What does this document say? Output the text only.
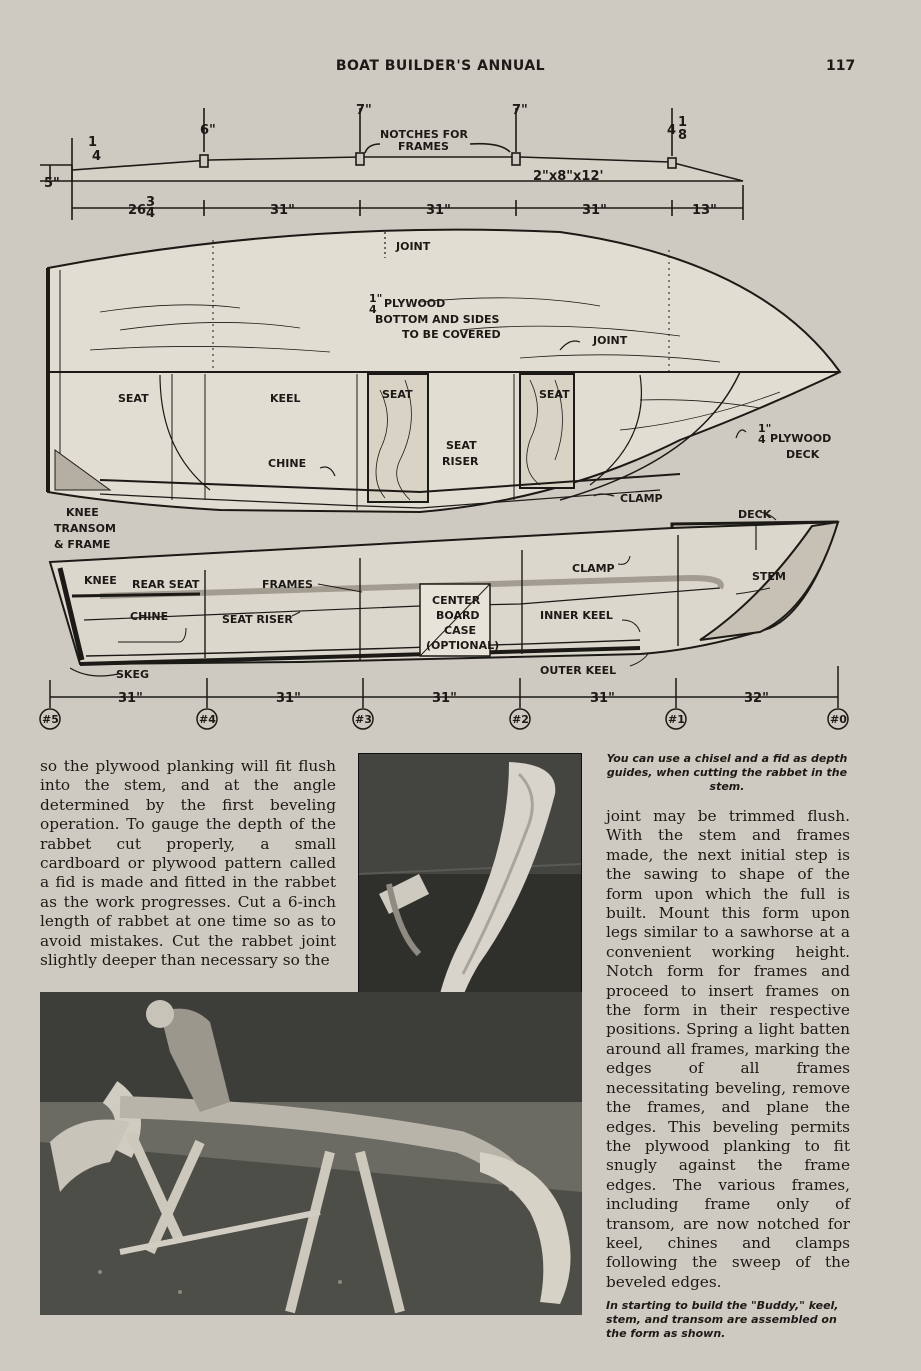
BOAT BUILDER'S ANNUAL	117
NOTCHES FOR
FRAMES
2"x8"x12'
5"
1
4
6"
7"	7"
4
1
8
26
3
4	31"	31"	31"	13"
JOINT
1"
4 PLYWOOD
BOTTOM AND SIDES
TO BE COVERED	JOINT
SEAT	KEEL	SEAT	SEAT
SEAT
RISER
CHINE
1"
4 PLYWOOD
DECK
CLAMP
KNEE
TRANSOM
& FRAME
DECK
CLAMP
STEM
KNEE REAR SEAT	FRAMES
CHINE	SEAT RISER
CENTER
BOARD
CASE
(OPTIONAL)
INNER KEEL
OUTER KEEL
SKEG
31"	31"	31"	31"	32"
#5	#4	#3	#2	#1	#0
You can use a chisel and a fid as depth guides, when cutting the rabbet in the stem.
so the plywood planking will fit flush into the stem, and at the angle determined by the first beveling operation. To gauge the depth of the rabbet cut properly, a small cardboard or plywood pattern called a fid is made and fitted in the rabbet as the work progresses. Cut a 6-inch length of rabbet at one time so as to avoid mistakes. Cut the rabbet joint slightly deeper than necessary so the
joint may be trimmed flush. With the stem and frames made, the next initial step is the sawing to shape of the form upon which the full is built. Mount this form upon legs similar to a sawhorse at a convenient working height. Notch form for frames and proceed to insert frames on the form in their respective positions. Spring a light batten around all frames, marking the edges of all frames necessitating beveling, remove the frames, and plane the edges. This beveling permits the plywood planking to fit snugly against the frame edges. The various frames, including frame only of transom, are now notched for keel, chines and clamps following the sweep of the beveled edges.
In starting to build the "Buddy," keel, stem, and transom are assembled on the form as shown.
